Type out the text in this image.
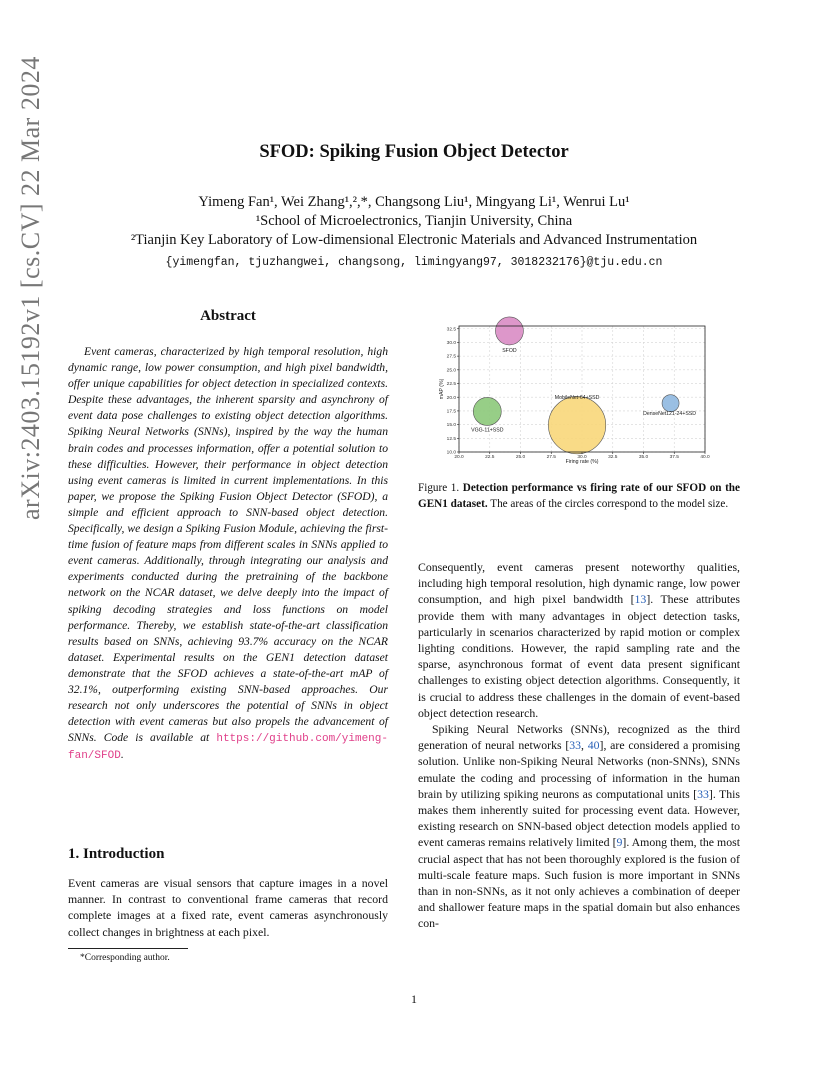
arXiv:2403.15192v1 [cs.CV] 22 Mar 2024	SFOD: Spiking Fusion Object Detector
Yimeng Fan¹, Wei Zhang¹,²,*, Changsong Liu¹, Mingyang Li¹, Wenrui Lu¹
¹School of Microelectronics, Tianjin University, China
²Tianjin Key Laboratory of Low-dimensional Electronic Materials and Advanced Instrumentation
{yimengfan, tjuzhangwei, changsong, limingyang97, 3018232176}@tju.edu.cn
Abstract

Event cameras, characterized by high temporal resolution, high dynamic range, low power consumption, and high pixel bandwidth, offer unique capabilities for object detection in specialized contexts. Despite these advantages, the inherent sparsity and asynchrony of event data pose challenges to existing object detection algorithms. Spiking Neural Networks (SNNs), inspired by the way the human brain codes and processes information, offer a potential solution to these difficulties. However, their performance in object detection using event cameras is limited in current implementations. In this paper, we propose the Spiking Fusion Object Detector (SFOD), a simple and efficient approach to SNN-based object detection. Specifically, we design a Spiking Fusion Module, achieving the first-time fusion of feature maps from different scales in SNNs applied to event cameras. Additionally, through integrating our analysis and experiments conducted during the pretraining of the backbone network on the NCAR dataset, we delve deeply into the impact of spiking decoding strategies and loss functions on model performance. Thereby, we establish state-of-the-art classification results based on SNNs, achieving 93.7% accuracy on the NCAR dataset. Experimental results on the GEN1 detection dataset demonstrate that the SFOD achieves a state-of-the-art mAP of 32.1%, outperforming existing SNN-based approaches. Our research not only underscores the potential of SNNs in object detection with event cameras but also propels the advancement of SNNs. Code is available at https://github.com/yimeng-fan/SFOD.

1. Introduction

Event cameras are visual sensors that capture images in a novel manner. In contrast to conventional frame cameras that record complete images at a fixed rate, event cameras asynchronously collect changes in brightness at each pixel.

*Corresponding author.
20.0	22.5	25.0	27.5	30.0	32.5	35.0	37.5	40.0
10.0
12.5
15.0
17.5
20.0
22.5
25.0
27.5
30.0
32.5
Firing rate (%)
mAP (%)
SFOD
VGG-11+SSD
MobileNet-64+SSD
DenseNet121-24+SSD
Figure 1. Detection performance vs firing rate of our SFOD on the GEN1 dataset. The areas of the circles correspond to the model size.

Consequently, event cameras present noteworthy qualities, including high temporal resolution, high dynamic range, low power consumption, and high pixel bandwidth [13]. These attributes provide them with many advantages in object detection tasks, particularly in scenarios characterized by rapid motion or complex lighting conditions. However, the rapid sampling rate and the sparse, asynchronous format of event data present significant challenges to existing object detection algorithms. Consequently, it is crucial to address these challenges in the domain of event-based object detection research.

Spiking Neural Networks (SNNs), recognized as the third generation of neural networks [33, 40], are considered a promising solution. Unlike non-Spiking Neural Networks (non-SNNs), SNNs emulate the coding and processing of information in the human brain by utilizing spiking neurons as computational units [33]. This makes them inherently suited for processing event data. However, existing research on SNN-based object detection models applied to event cameras remains relatively limited [9]. Among them, the most crucial aspect that has not been thoroughly explored is the fusion of multi-scale feature maps. Such fusion is more important in SNNs than in non-SNNs, as it not only achieves a combination of deeper and shallower feature maps in the spatial domain but also enhances con-

1
